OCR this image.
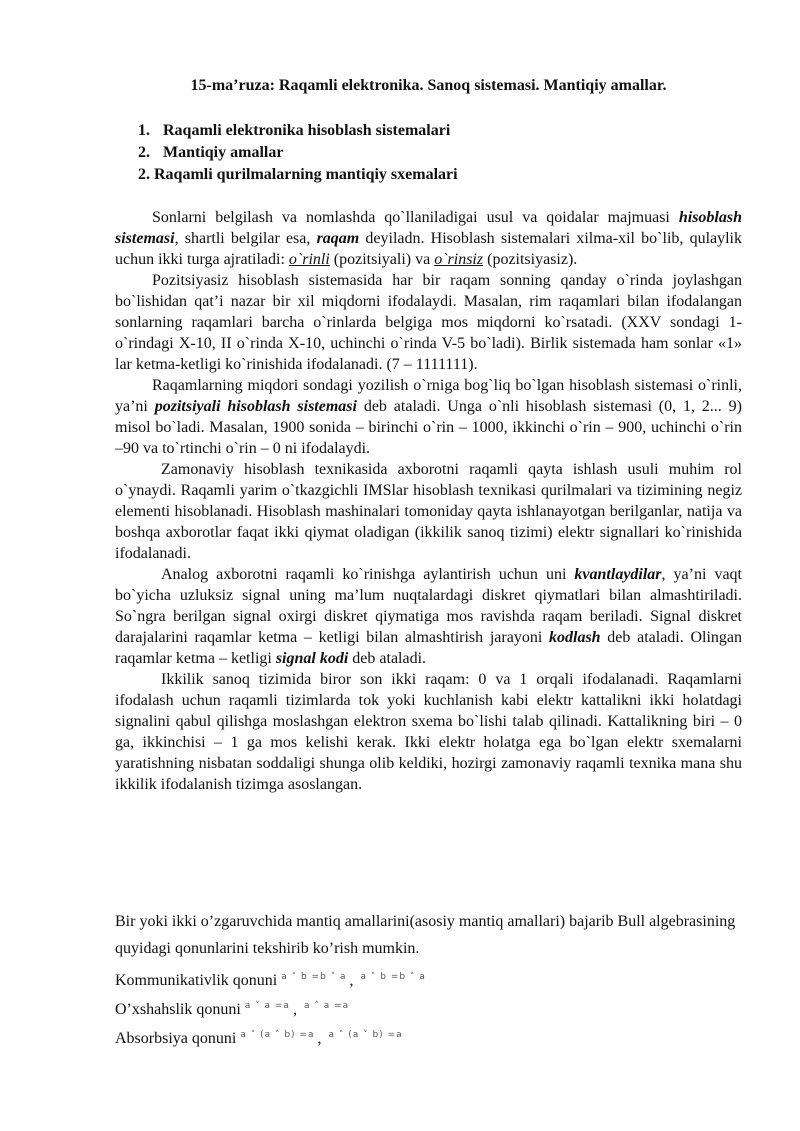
15-ma’ruza: Raqamli elektronika. Sanoq sistemasi. Mantiqiy amallar.
1. Raqamli elektronika hisoblash sistemalari
2. Mantiqiy amallar
2. Raqamli qurilmalarning mantiqiy sxemalari

Sonlarni belgilash va nomlashda qo`llaniladigai usul va qoidalar majmuasi hisoblash sistemasi, shartli belgilar esa, raqam deyiladn. Hisoblash sistemalari xilma-xil bo`lib, qulaylik uchun ikki turga ajratiladi: o`rinli (pozitsiyali) va o`rinsiz (pozitsiyasiz).

Pozitsiyasiz hisoblash sistemasida har bir raqam sonning qanday o`rinda joylashgan bo`lishidan qat’i nazar bir xil miqdorni ifodalaydi. Masalan, rim raqamlari bilan ifodalangan sonlarning raqamlari barcha o`rinlarda belgiga mos miqdorni ko`rsatadi. (XXV sondagi 1-o`rindagi X-10, II o`rinda X-10, uchinchi o`rinda V-5 bo`ladi). Birlik sistemada ham sonlar «1» lar ketma-ketligi ko`rinishida ifodalanadi. (7 – 1111111).

Raqamlarning miqdori sondagi yozilish o`rniga bog`liq bo`lgan hisoblash sistemasi o`rinli, ya’ni pozitsiyali hisoblash sistemasi deb ataladi. Unga o`nli hisoblash sistemasi (0, 1, 2... 9) misol bo`ladi. Masalan, 1900 sonida – birinchi o`rin – 1000, ikkinchi o`rin – 900, uchinchi o`rin –90 va to`rtinchi o`rin – 0 ni ifodalaydi.

Zamonaviy hisoblash texnikasida axborotni raqamli qayta ishlash usuli muhim rol o`ynaydi. Raqamli yarim o`tkazgichli IMSlar hisoblash texnikasi qurilmalari va tizimining negiz elementi hisoblanadi. Hisoblash mashinalari tomoniday qayta ishlanayotgan berilganlar, natija va boshqa axborotlar faqat ikki qiymat oladigan (ikkilik sanoq tizimi) elektr signallari ko`rinishida ifodalanadi.

Analog axborotni raqamli ko`rinishga aylantirish uchun uni kvantlaydilar, ya’ni vaqt bo`yicha uzluksiz signal uning ma’lum nuqtalardagi diskret qiymatlari bilan almashtiriladi. So`ngra berilgan signal oxirgi diskret qiymatiga mos ravishda raqam beriladi. Signal diskret darajalarini raqamlar ketma – ketligi bilan almashtirish jarayoni kodlash deb ataladi. Olingan raqamlar ketma – ketligi signal kodi deb ataladi.

Ikkilik sanoq tizimida biror son ikki raqam: 0 va 1 orqali ifodalanadi. Raqamlarni ifodalash uchun raqamli tizimlarda tok yoki kuchlanish kabi elektr kattalikni ikki holatdagi signalini qabul qilishga moslashgan elektron sxema bo`lishi talab qilinadi. Kattalikning biri – 0 ga, ikkinchisi – 1 ga mos kelishi kerak. Ikki elektr holatga ega bo`lgan elektr sxemalarni yaratishning nisbatan soddaligi shunga olib keldiki, hozirgi zamonaviy raqamli texnika mana shu ikkilik ifodalanish tizimga asoslangan.

Bir yoki ikki o’zgaruvchida mantiq amallarini(asosiy mantiq amallari) bajarib Bull algebrasining quyidagi qonunlarini tekshirib ko’rish mumkin.
Kommunikativlik qonuni $^{a ˅ b =b ˅ a}$ , $^{a ˄ b =b ˄ a}$
O’xshahslik qonuni $^{a ˅ a =a}$ , $^{a ˄ a =a}$
Absorbsiya qonuni $^{a ˅ (a ˄ b) =a}$ , $^{a ˄ (a ˅ b) =a}$
